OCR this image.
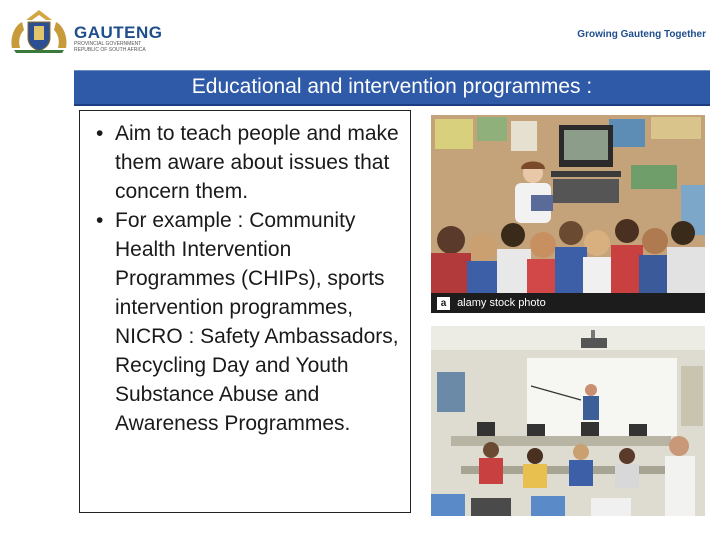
GAUTENG
PROVINCIAL GOVERNMENT
REPUBLIC OF SOUTH AFRICA
Growing Gauteng Together
Educational and intervention programmes :
• Aim to teach people and make them aware about issues that concern them.
• For example : Community Health Intervention Programmes (CHIPs), sports intervention programmes, NICRO : Safety Ambassadors, Recycling Day and Youth Substance Abuse and Awareness Programmes.
a alamy stock photo
